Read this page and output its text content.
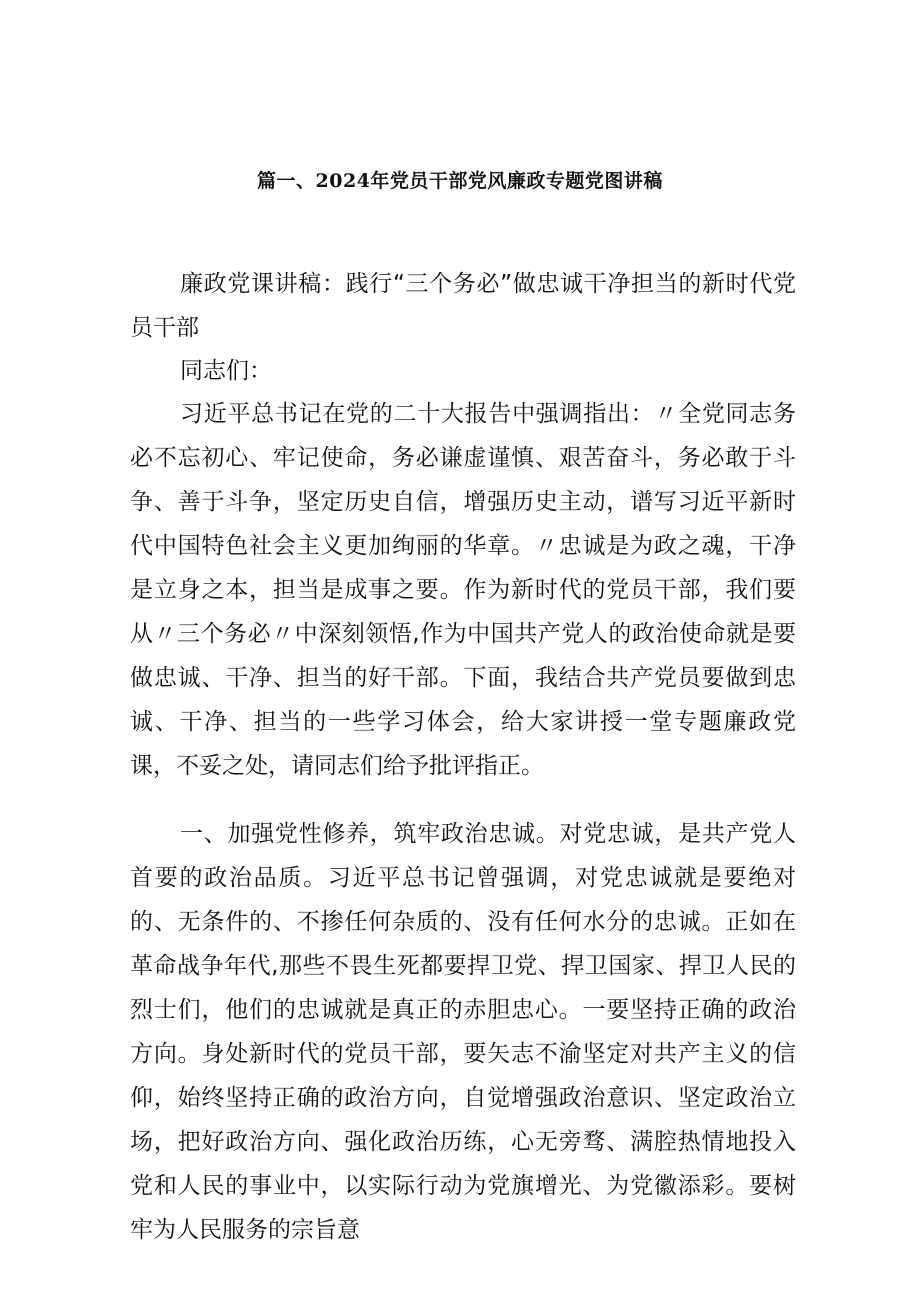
篇一、2024年党员干部党风廉政专题党图讲稿
廉政党课讲稿：践行“三个务必”做忠诚干净担当的新时代党员干部
同志们：
习近平总书记在党的二十大报告中强调指出：〃全党同志务必不忘初心、牢记使命，务必谦虚谨慎、艰苦奋斗，务必敢于斗争、善于斗争，坚定历史自信，增强历史主动，谱写习近平新时代中国特色社会主义更加绚丽的华章。〃忠诚是为政之魂，干净是立身之本，担当是成事之要。作为新时代的党员干部，我们要从〃三个务必〃中深刻领悟,作为中国共产党人的政治使命就是要做忠诚、干净、担当的好干部。下面，我结合共产党员要做到忠诚、干净、担当的一些学习体会，给大家讲授一堂专题廉政党课，不妥之处，请同志们给予批评指正。
一、加强党性修养，筑牢政治忠诚。对党忠诚，是共产党人首要的政治品质。习近平总书记曾强调，对党忠诚就是要绝对的、无条件的、不掺任何杂质的、没有任何水分的忠诚。正如在革命战争年代,那些不畏生死都要捍卫党、捍卫国家、捍卫人民的烈士们，他们的忠诚就是真正的赤胆忠心。一要坚持正确的政治方向。身处新时代的党员干部，要矢志不渝坚定对共产主义的信仰，始终坚持正确的政治方向，自觉增强政治意识、坚定政治立场，把好政治方向、强化政治历练，心无旁骛、满腔热情地投入党和人民的事业中，以实际行动为党旗增光、为党徽添彩。要树牢为人民服务的宗旨意
